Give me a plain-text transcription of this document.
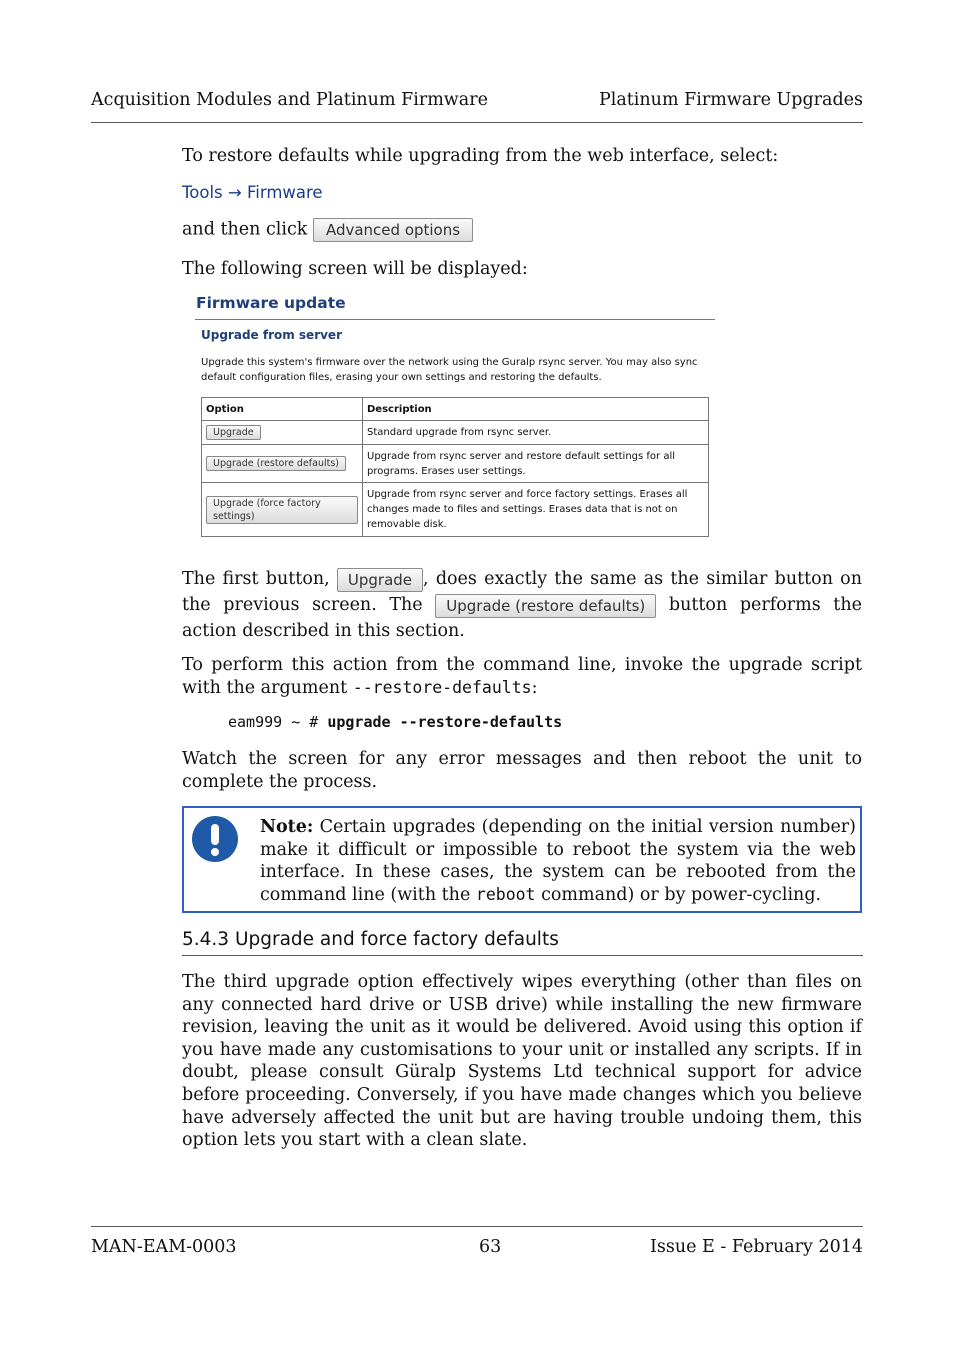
Acquisition Modules and Platinum Firmware	Platinum Firmware Upgrades
To restore defaults while upgrading from the web interface, select:
Tools → Firmware
and then click Advanced options
The following screen will be displayed:
Firmware update
Upgrade from server
Upgrade this system's firmware over the network using the Guralp rsync server. You may also sync default configuration files, erasing your own settings and restoring the defaults.
Option	Description
Upgrade	Standard upgrade from rsync server.
Upgrade (restore defaults)	Upgrade from rsync server and restore default settings for all programs. Erases user settings.
Upgrade (force factory settings)	Upgrade from rsync server and force factory settings. Erases all changes made to files and settings. Erases data that is not on removable disk.
The first button, Upgrade , does exactly the same as the similar button on the previous screen. The Upgrade (restore defaults) button performs the action described in this section.
To perform this action from the command line, invoke the upgrade script with the argument --restore-defaults:
eam999 ~ # upgrade --restore-defaults
Watch the screen for any error messages and then reboot the unit to complete the process.
Note: Certain upgrades (depending on the initial version number) make it difficult or impossible to reboot the system via the web interface. In these cases, the system can be rebooted from the command line (with the reboot command) or by power-cycling.
5.4.3 Upgrade and force factory defaults
The third upgrade option effectively wipes everything (other than files on any connected hard drive or USB drive) while installing the new firmware revision, leaving the unit as it would be delivered. Avoid using this option if you have made any customisations to your unit or installed any scripts. If in doubt, please consult Güralp Systems Ltd technical support for advice before proceeding. Conversely, if you have made changes which you believe have adversely affected the unit but are having trouble undoing them, this option lets you start with a clean slate.
MAN-EAM-0003	63	Issue E - February 2014
